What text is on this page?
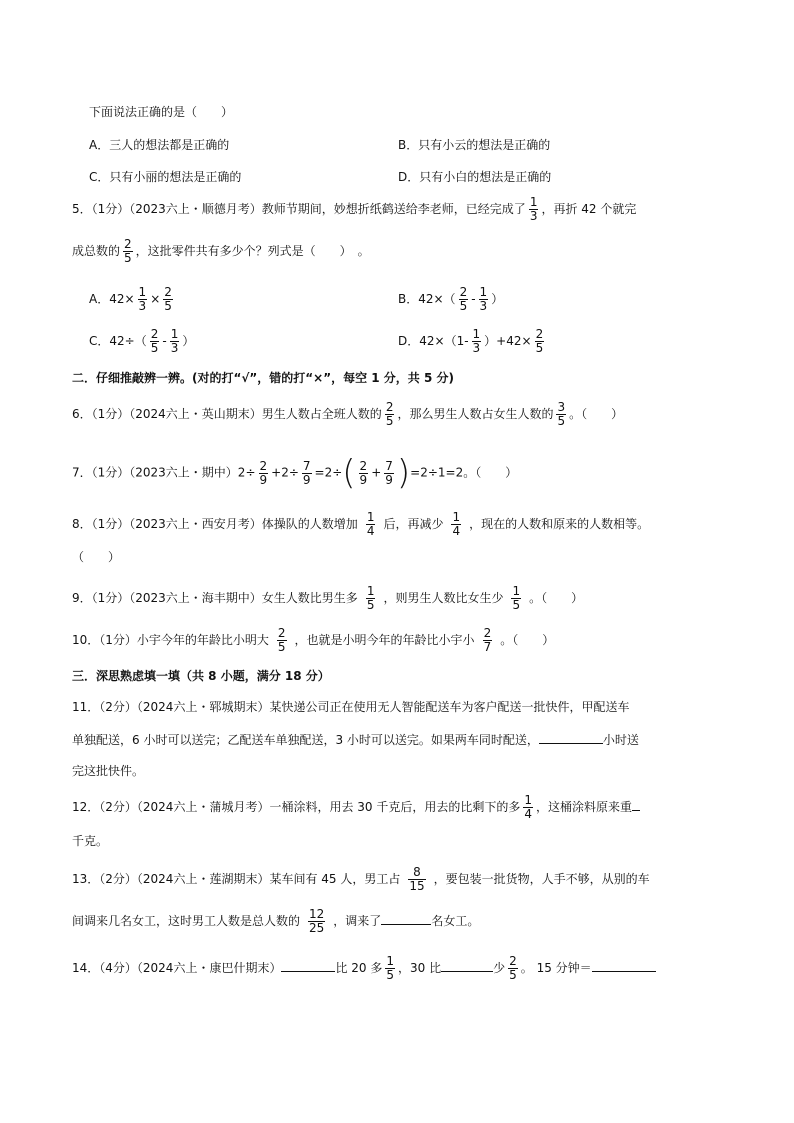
下面说法正确的是（　　）
A．三人的想法都是正确的	B．只有小云的想法是正确的
C．只有小丽的想法是正确的	D．只有小白的想法是正确的
5．（1分）（2023六上・顺德月考）教师节期间，妙想折纸鹤送给李老师，已经完成了 $\frac{1}{3}$ ，再折 42 个就完
成总数的 $\frac{2}{5}$ ，这批零件共有多少个？列式是（　　）　。
A．$42\times \frac{1}{3} \times \frac{2}{5}$	B．$42\times( \frac{2}{5} - \frac{1}{3}$ ）
C．$42\div( \frac{2}{5} - \frac{1}{3}$ ）	D．$42\times(1- \frac{1}{3} )+42\times \frac{2}{5}$
二．仔细推敲辨一辨。(对的打“√”，错的打“×”，每空 1 分，共 5 分)
6．（1分）（2024六上・英山期末）男生人数占全班人数的 $\frac{2}{5}$ ，那么男生人数占女生人数的 $\frac{3}{5}$ 。（　　）
7．（1分）（2023六上・期中）$2\div \frac{2}{9} +2\div \frac{7}{9} =2\div( \frac{2}{9} + \frac{7}{9} )=2\div 1=2$。（　　）
8．（1分）（2023六上・西安月考）体操队的人数增加 $\frac{1}{4}$ 后，再减少 $\frac{1}{4}$ ，现在的人数和原来的人数相等。
（　　）
9．（1分）（2023六上・海丰期中）女生人数比男生多 $\frac{1}{5}$ ，则男生人数比女生少 $\frac{1}{5}$ 。（　　）
10．（1分）小宇今年的年龄比小明大 $\frac{2}{5}$ ，也就是小明今年的年龄比小宇小 $\frac{2}{7}$ 。（　　）
三．深思熟虑填一填（共 8 小题，满分 18 分）
11．（2分）（2024六上・郓城期末）某快递公司正在使用无人智能配送车为客户配送一批快件，甲配送车
单独配送，6 小时可以送完；乙配送车单独配送，3 小时可以送完。如果两车同时配送，	小时送
完这批快件。
12．（2分）（2024六上・蒲城月考）一桶涂料，用去 30 千克后，用去的比剩下的多 $\frac{1}{4}$ ，这桶涂料原来重
千克。
13．（2分）（2024六上・莲湖期末）某车间有 45 人，男工占 $\frac{8}{15}$ ，要包装一批货物，人手不够，从别的车
间调来几名女工，这时男工人数是总人数的 $\frac{12}{25}$ ，调来了	名女工。
14．（4分）（2024六上・康巴什期末）	比 20 多 $\frac{1}{5}$ ，30 比	少 $\frac{2}{5}$ 。 15 分钟＝
